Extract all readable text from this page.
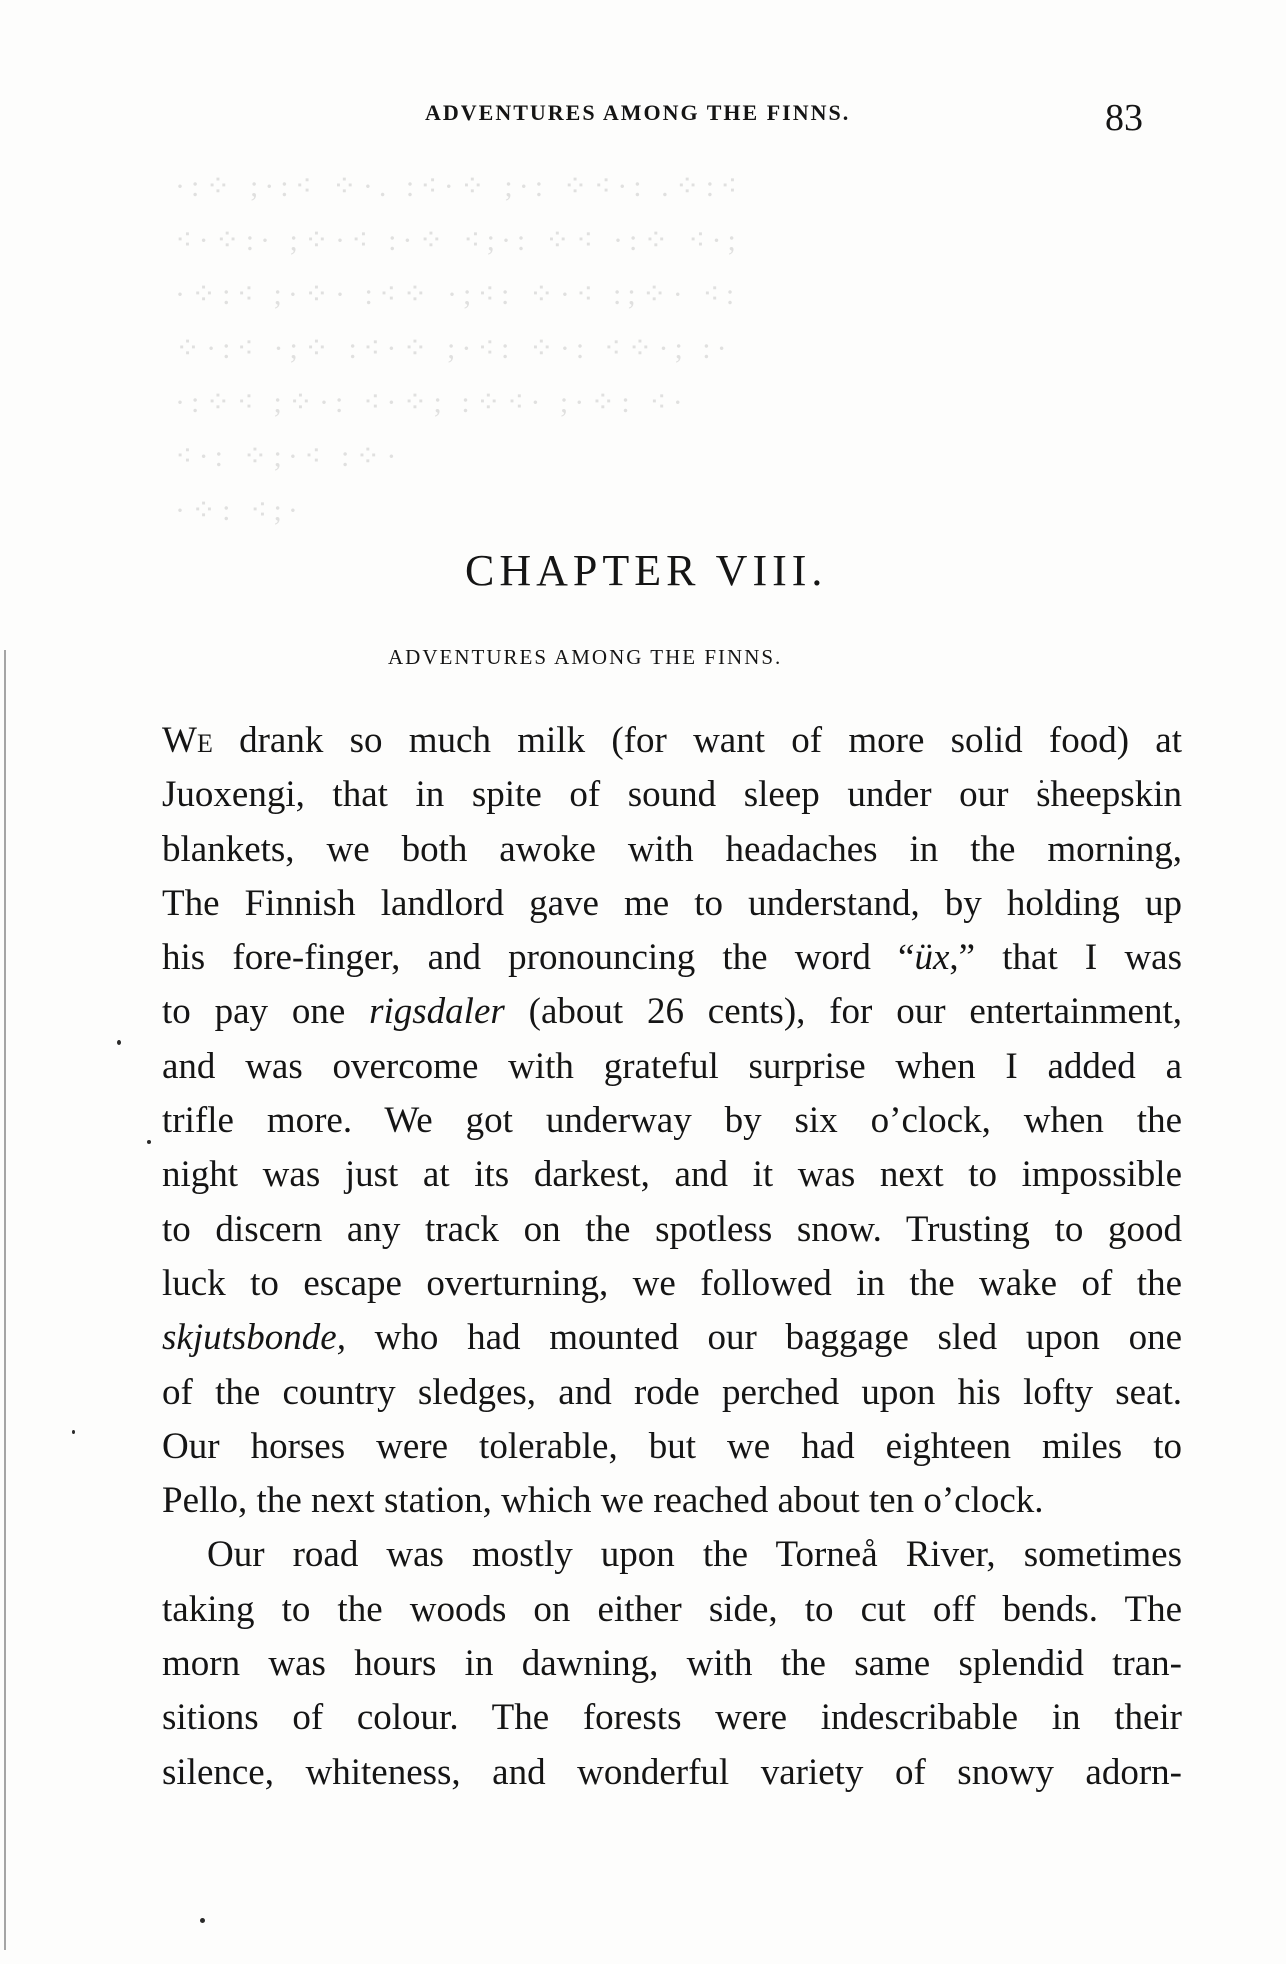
·:⁘ ;·:⁖ ⁘·. :⁖·⁘ ;·: ⁘⁖·: .⁘:⁖
⁖·⁘:· ;⁘·⁖ :·⁘ ⁖;·: ⁘⁖ ·:⁘ ⁖·;
·⁘:⁖ ;·⁘· :⁖⁘ ·;⁖: ⁘·⁖ :;⁘· ⁖:
⁘·:⁖ ·;⁘ :⁖·⁘ ;·⁖: ⁘·: ⁖⁘·; :·
·:⁘⁖ ;⁘·: ⁖·⁘; :⁘⁖· ;·⁘: ⁖·
⁖·: ⁘;·⁖ :⁘·
·⁘: ⁖;·
ADVENTURES AMONG THE FINNS.	83
CHAPTER VIII.
ADVENTURES AMONG THE FINNS.
WE drank so much milk (for want of more solid food) at
Juoxengi, that in spite of sound sleep under our sheepskin
blankets, we both awoke with headaches in the morning,
The Finnish landlord gave me to understand, by holding up
his fore-finger, and pronouncing the word “üx,” that I was
to pay one rigsdaler (about 26 cents), for our entertainment,
and was overcome with grateful surprise when I added a
trifle more. We got underway by six o’clock, when the
night was just at its darkest, and it was next to impossible
to discern any track on the spotless snow. Trusting to good
luck to escape overturning, we followed in the wake of the
skjutsbonde, who had mounted our baggage sled upon one
of the country sledges, and rode perched upon his lofty seat.
Our horses were tolerable, but we had eighteen miles to
Pello, the next station, which we reached about ten o’clock.
Our road was mostly upon the Torneå River, sometimes
taking to the woods on either side, to cut off bends. The
morn was hours in dawning, with the same splendid tran-
sitions of colour. The forests were indescribable in their
silence, whiteness, and wonderful variety of snowy adorn-
